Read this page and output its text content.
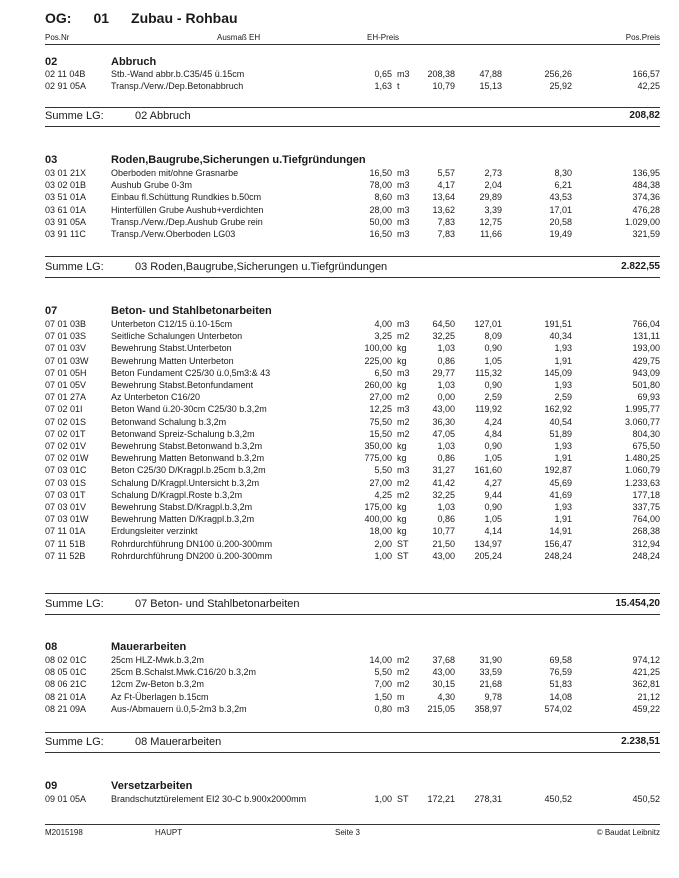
OG: 01 Zubau - Rohbau
Pos.Nr	Ausmaß EH	EH-Preis	Pos.Preis
02	Abbruch
02 11 04B	Stb.-Wand abbr.b.C35/45 ü.15cm	0,65 m3 208,38	47,88	256,26	166,57
02 91 05A	Transp./Verw./Dep.Betonabbruch	1,63 t	10,79	15,13	25,92	42,25
Summe LG:	02 Abbruch	208,82
03	Roden,Baugrube,Sicherungen u.Tiefgründungen
03 01 21X	Oberboden mit/ohne Grasnarbe	16,50 m3	5,57	2,73	8,30	136,95
03 02 01B	Aushub Grube 0-3m	78,00 m3	4,17	2,04	6,21	484,38
03 51 01A	Einbau fl.Schüttung Rundkies b.50cm	8,60 m3	13,64	29,89	43,53	374,36
03 61 01A	Hinterfüllen Grube Aushub+verdichten	28,00 m3	13,62	3,39	17,01	476,28
03 91 05A	Transp./Verw./Dep.Aushub Grube rein	50,00 m3	7,83	12,75	20,58	1.029,00
03 91 11C	Transp./Verw.Oberboden LG03	16,50 m3	7,83	11,66	19,49	321,59
Summe LG:	03 Roden,Baugrube,Sicherungen u.Tiefgründungen	2.822,55
07	Beton- und Stahlbetonarbeiten
07 01 03B	Unterbeton C12/15 ü.10-15cm	4,00 m3	64,50 127,01	191,51	766,04
07 01 03S	Seitliche Schalungen Unterbeton	3,25 m2	32,25	8,09	40,34	131,11
07 01 03V	Bewehrung Stabst.Unterbeton	100,00 kg	1,03	0,90	1,93	193,00
07 01 03W Bewehrung Matten Unterbeton	225,00 kg	0,86	1,05	1,91	429,75
07 01 05H	Beton Fundament C25/30 ü.0,5m3:& 43	6,50 m3	29,77 115,32	145,09	943,09
07 01 05V	Bewehrung Stabst.Betonfundament	260,00 kg	1,03	0,90	1,93	501,80
07 01 27A	Az Unterbeton C16/20	27,00 m2	0,00	2,59	2,59	69,93
07 02 01I	Beton Wand ü.20-30cm C25/30 b.3,2m	12,25 m3	43,00 119,92	162,92	1.995,77
07 02 01S	Betonwand Schalung b.3,2m	75,50 m2	36,30	4,24	40,54	3.060,77
07 02 01T	Betonwand Spreiz-Schalung b.3,2m	15,50 m2	47,05	4,84	51,89	804,30
07 02 01V	Bewehrung Stabst.Betonwand b.3,2m	350,00 kg	1,03	0,90	1,93	675,50
07 02 01W Bewehrung Matten Betonwand b.3,2m	775,00 kg	0,86	1,05	1,91	1.480,25
07 03 01C	Beton C25/30 D/Kragpl.b.25cm b.3,2m	5,50 m3	31,27 161,60	192,87	1.060,79
07 03 01S	Schalung D/Kragpl.Untersicht b.3,2m	27,00 m2	41,42	4,27	45,69	1.233,63
07 03 01T	Schalung D/Kragpl.Roste b.3,2m	4,25 m2	32,25	9,44	41,69	177,18
07 03 01V	Bewehrung Stabst.D/Kragpl.b.3,2m	175,00 kg	1,03	0,90	1,93	337,75
07 03 01W Bewehrung Matten D/Kragpl.b.3,2m	400,00 kg	0,86	1,05	1,91	764,00
07 11 01A	Erdungsleiter verzinkt	18,00 kg	10,77	4,14	14,91	268,38
07 11 51B	Rohrdurchführung DN100 ü.200-300mm	2,00 ST	21,50 134,97	156,47	312,94
07 11 52B	Rohrdurchführung DN200 ü.200-300mm	1,00 ST	43,00 205,24	248,24	248,24
Summe LG:	07 Beton- und Stahlbetonarbeiten	15.454,20
08	Mauerarbeiten
08 02 01C	25cm HLZ-Mwk.b.3,2m	14,00 m2	37,68	31,90	69,58	974,12
08 05 01C	25cm B.Schalst.Mwk.C16/20 b.3,2m	5,50 m2	43,00	33,59	76,59	421,25
08 06 21C	12cm Zw-Beton b.3,2m	7,00 m2	30,15	21,68	51,83	362,81
08 21 01A	Az Ft-Überlagen b.15cm	1,50 m	4,30	9,78	14,08	21,12
08 21 09A	Aus-/Abmauern ü.0,5-2m3 b.3,2m	0,80 m3 215,05 358,97	574,02	459,22
Summe LG:	08 Mauerarbeiten	2.238,51
09	Versetzarbeiten
09 01 05A	Brandschutztürelement EI2 30-C b.900x2000mm	1,00 ST 172,21 278,31	450,52	450,52
M2015198	HAUPT	Seite 3	© Baudat Leibnitz
